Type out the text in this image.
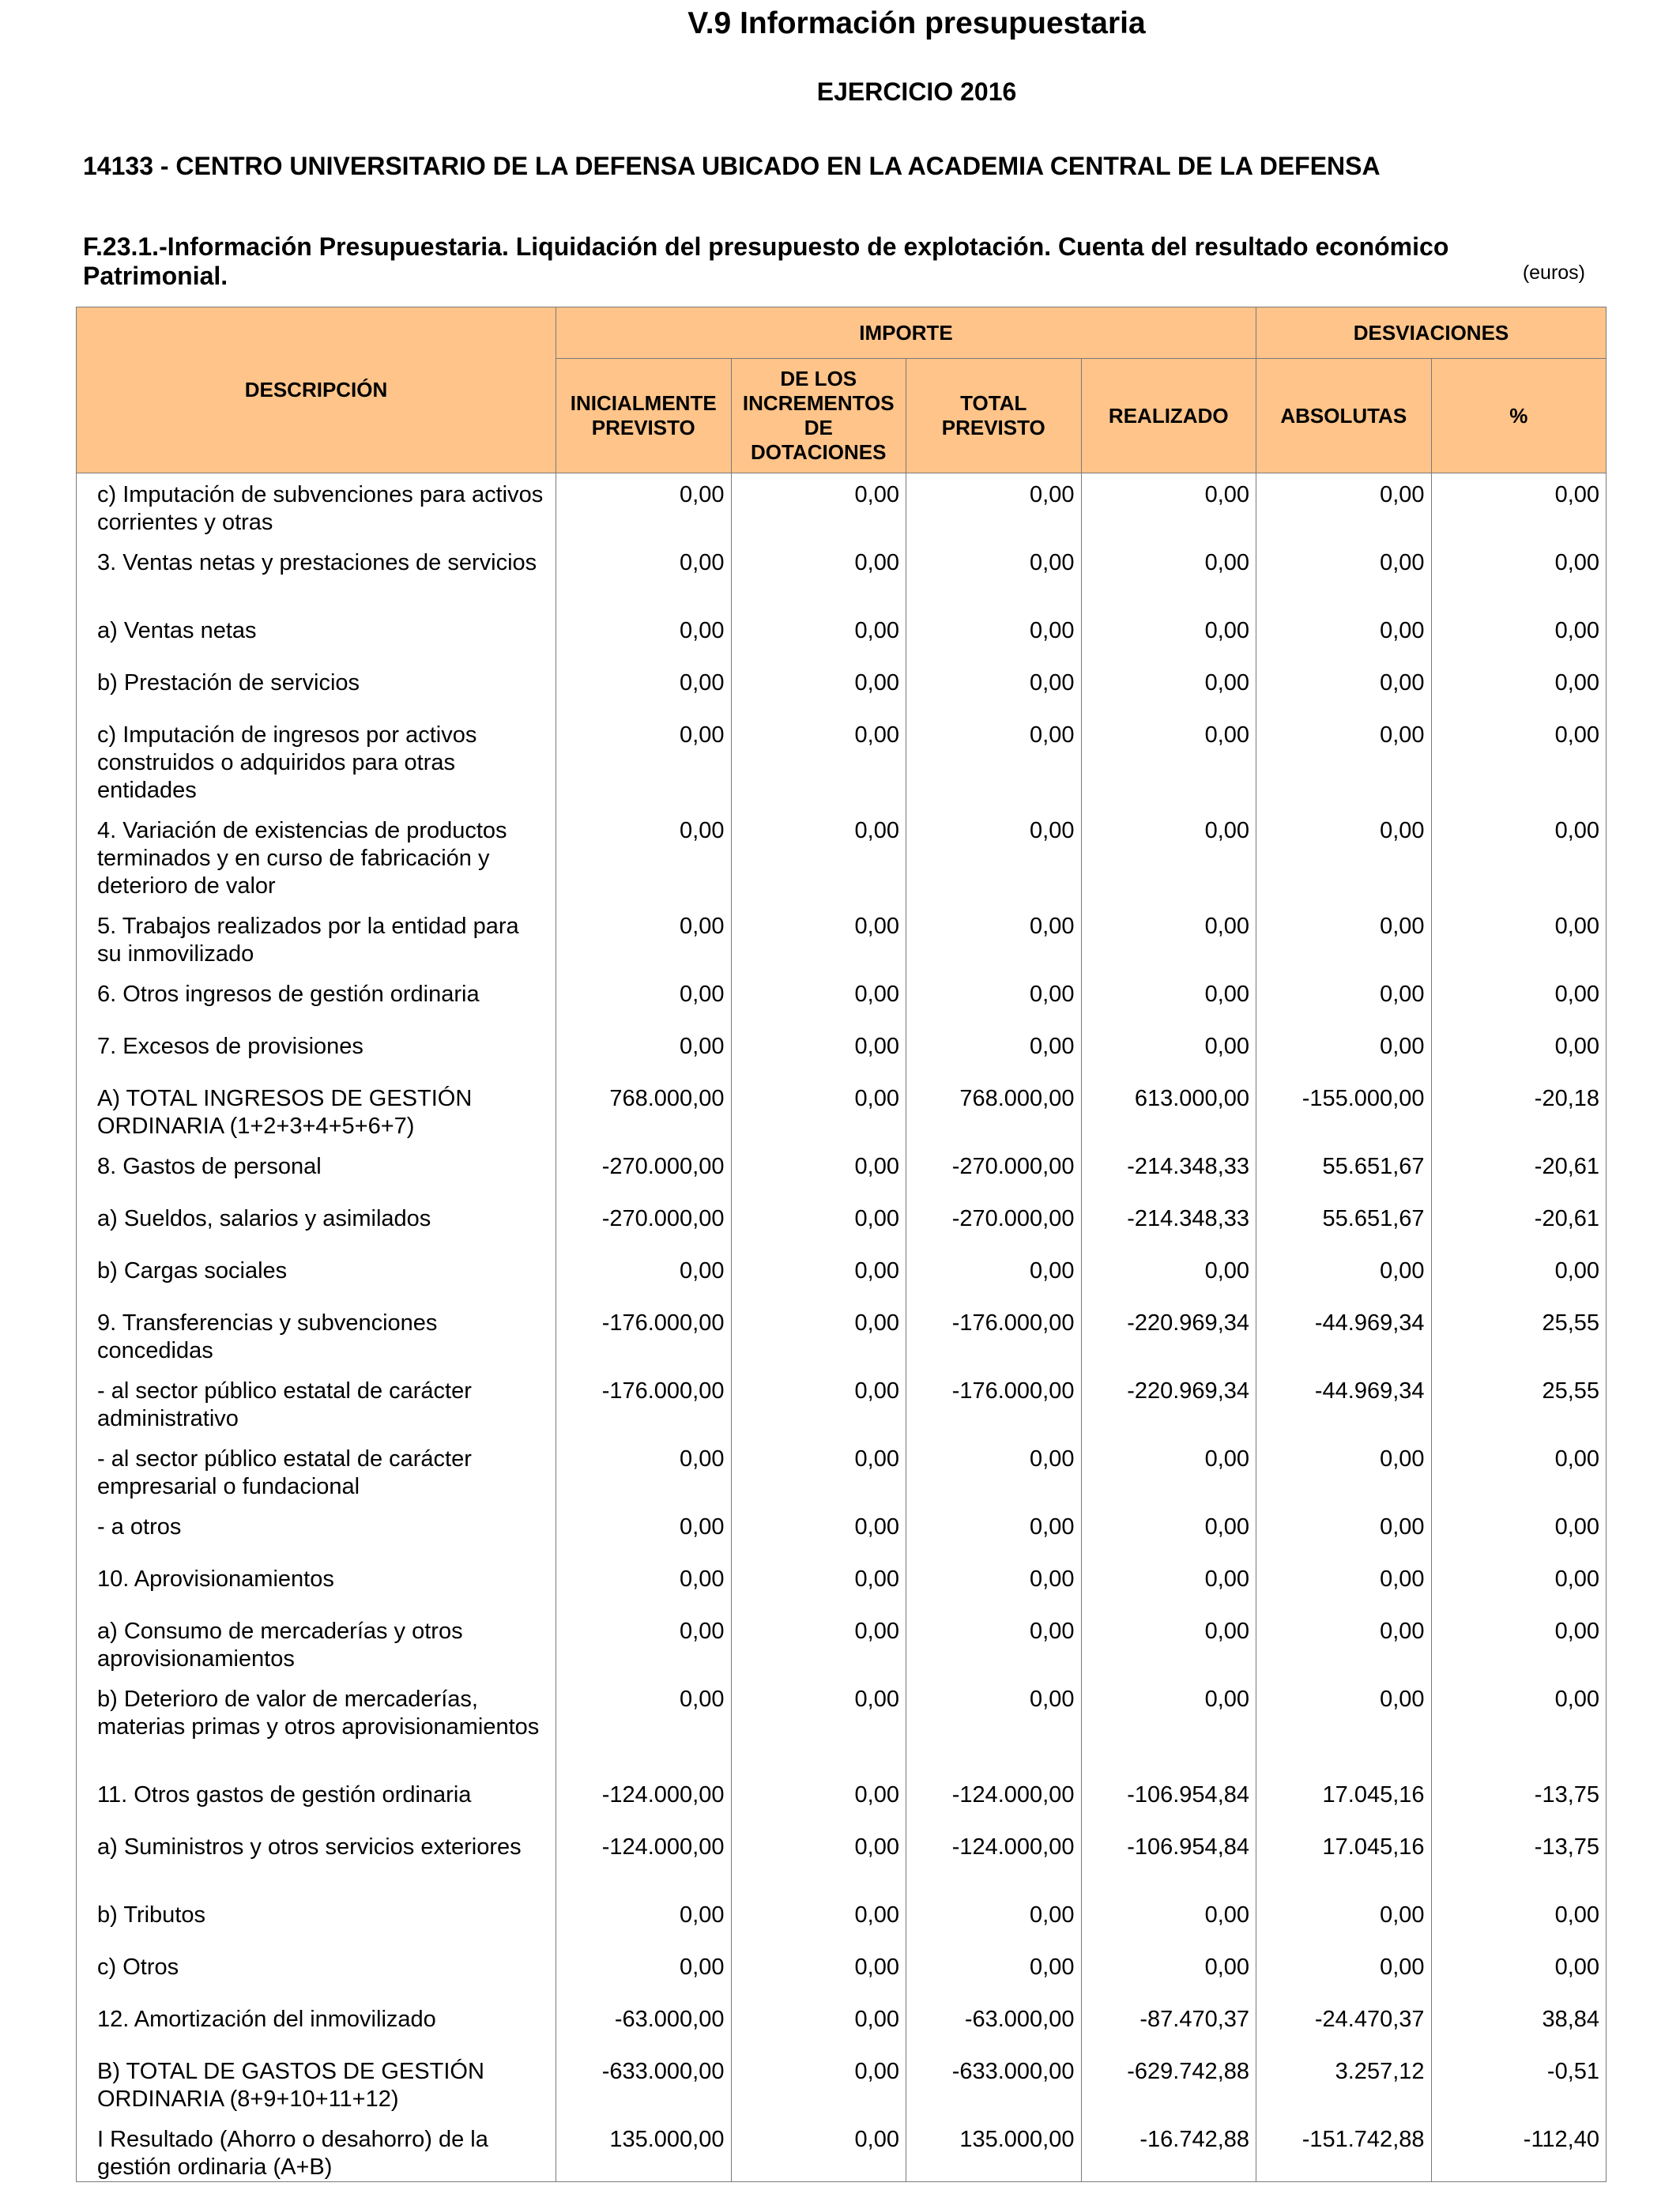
V.9 Información presupuestaria
EJERCICIO 2016
14133 - CENTRO UNIVERSITARIO DE LA DEFENSA UBICADO EN LA ACADEMIA CENTRAL DE LA DEFENSA
F.23.1.-Información Presupuestaria. Liquidación del presupuesto de explotación. Cuenta del resultado económico Patrimonial.	(euros)
DESCRIPCIÓN	IMPORTE				DESVIACIONES	
	INICIALMENTE PREVISTO	DE LOS INCREMENTOS DE DOTACIONES	TOTAL PREVISTO	REALIZADO	ABSOLUTAS	%
c) Imputación de subvenciones para activos corrientes y otras	0,00	0,00	0,00	0,00	0,00	0,00
3. Ventas netas y prestaciones de servicios	0,00	0,00	0,00	0,00	0,00	0,00
a) Ventas netas	0,00	0,00	0,00	0,00	0,00	0,00
b) Prestación de servicios	0,00	0,00	0,00	0,00	0,00	0,00
c) Imputación de ingresos por activos construidos o adquiridos para otras entidades	0,00	0,00	0,00	0,00	0,00	0,00
4. Variación de existencias de productos terminados y en curso de fabricación y deterioro de valor	0,00	0,00	0,00	0,00	0,00	0,00
5. Trabajos realizados por la entidad para su inmovilizado	0,00	0,00	0,00	0,00	0,00	0,00
6. Otros ingresos de gestión ordinaria	0,00	0,00	0,00	0,00	0,00	0,00
7. Excesos de provisiones	0,00	0,00	0,00	0,00	0,00	0,00
A) TOTAL INGRESOS DE GESTIÓN ORDINARIA (1+2+3+4+5+6+7)	768.000,00	0,00	768.000,00	613.000,00	-155.000,00	-20,18
8. Gastos de personal	-270.000,00	0,00	-270.000,00	-214.348,33	55.651,67	-20,61
a) Sueldos, salarios y asimilados	-270.000,00	0,00	-270.000,00	-214.348,33	55.651,67	-20,61
b) Cargas sociales	0,00	0,00	0,00	0,00	0,00	0,00
9. Transferencias y subvenciones concedidas	-176.000,00	0,00	-176.000,00	-220.969,34	-44.969,34	25,55
- al sector público estatal de carácter administrativo	-176.000,00	0,00	-176.000,00	-220.969,34	-44.969,34	25,55
- al sector público estatal de carácter empresarial o fundacional	0,00	0,00	0,00	0,00	0,00	0,00
- a otros	0,00	0,00	0,00	0,00	0,00	0,00
10. Aprovisionamientos	0,00	0,00	0,00	0,00	0,00	0,00
a) Consumo de mercaderías y otros aprovisionamientos	0,00	0,00	0,00	0,00	0,00	0,00
b) Deterioro de valor de mercaderías, materias primas y otros aprovisionamientos	0,00	0,00	0,00	0,00	0,00	0,00
11. Otros gastos de gestión ordinaria	-124.000,00	0,00	-124.000,00	-106.954,84	17.045,16	-13,75
a) Suministros y otros servicios exteriores	-124.000,00	0,00	-124.000,00	-106.954,84	17.045,16	-13,75
b) Tributos	0,00	0,00	0,00	0,00	0,00	0,00
c) Otros	0,00	0,00	0,00	0,00	0,00	0,00
12. Amortización del inmovilizado	-63.000,00	0,00	-63.000,00	-87.470,37	-24.470,37	38,84
B) TOTAL DE GASTOS DE GESTIÓN ORDINARIA (8+9+10+11+12)	-633.000,00	0,00	-633.000,00	-629.742,88	3.257,12	-0,51
I Resultado (Ahorro o desahorro) de la gestión ordinaria (A+B)	135.000,00	0,00	135.000,00	-16.742,88	-151.742,88	-112,40
